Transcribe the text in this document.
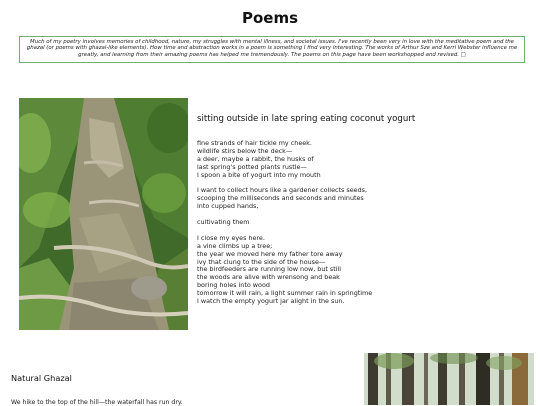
Poems
Much of my poetry involves memories of childhood, nature, my struggles with mental illness, and societal issues. I've recently been very in love with the meditative poem and the ghazal (or poems with ghazal-like elements). How time and abstraction works in a poem is something I find very interesting. The works of Arthur Sze and Kerri Webster influence me greatly, and learning from their amazing poems has helped me tremendously. The poems on this page have been workshopped and revised. □
sitting outside in late spring eating coconut yogurt
fine strands of hair tickle my cheek.
wildlife stirs below the deck—
a deer, maybe a rabbit, the husks of
last spring's potted plants rustle—
I spoon a bite of yogurt into my mouth
I want to collect hours like a gardener collects seeds,
scooping the milliseconds and seconds and minutes
into cupped hands,
cultivating them
I close my eyes here.
a vine climbs up a tree;
the year we moved here my father tore away
ivy that clung to the side of the house—
the birdfeeders are running low now, but still
the woods are alive with wrensong and beak
boring holes into wood
tomorrow it will rain, a light summer rain in springtime
I watch the empty yogurt jar alight in the sun.
Natural Ghazal
We hike to the top of the hill—the waterfall has run dry.
